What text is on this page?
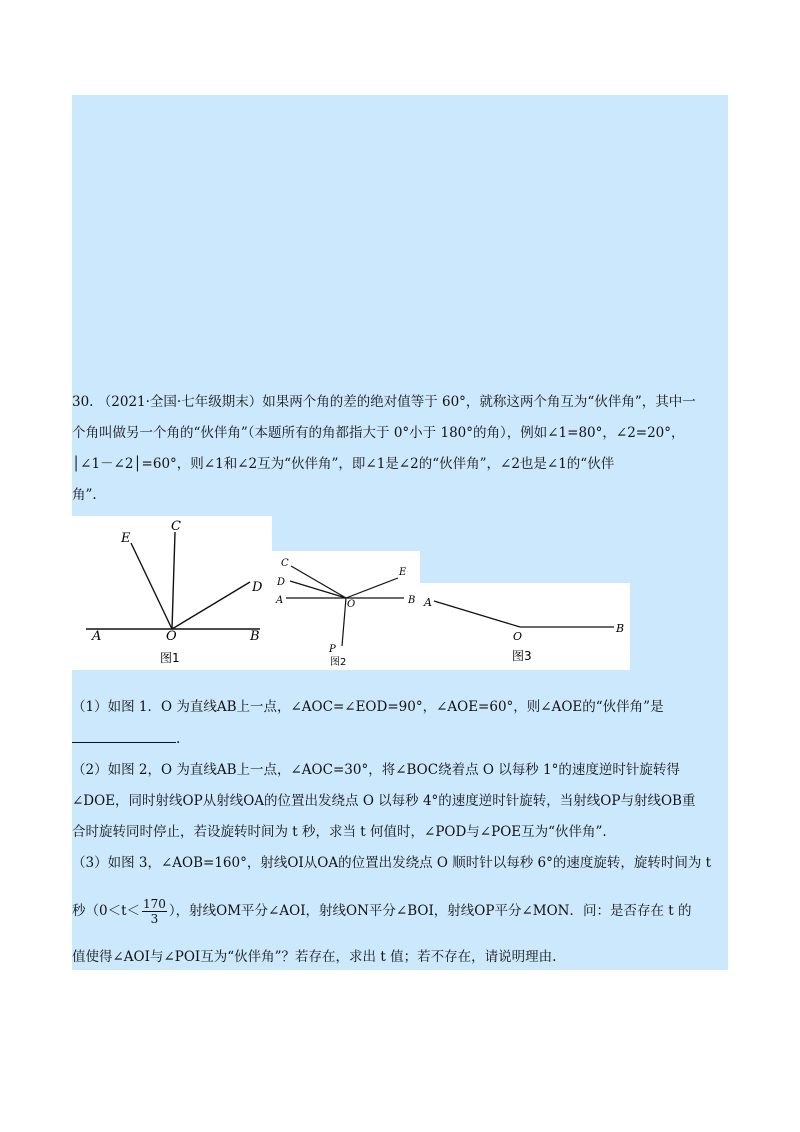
30. （2021·全国·七年级期末）如果两个角的差的绝对值等于 60°，就称这两个角互为“伙伴角”，其中一
个角叫做另一个角的“伙伴角”（本题所有的角都指大于 0°小于 180°的角），例如∠1=80°，∠2=20°，
│∠1－∠2│=60°，则∠1和∠2互为“伙伴角”，即∠1是∠2的“伙伴角”，∠2也是∠1的“伙伴
角”.
E
C
D
A	O	B
图1
C
D
E
A	O	B
P
图2
A
O
B
图3
（1）如图 1．O 为直线AB上一点，∠AOC=∠EOD=90°，∠AOE=60°，则∠AOE的“伙伴角”是
.
（2）如图 2，O 为直线AB上一点，∠AOC=30°，将∠BOC绕着点 O 以每秒 1°的速度逆时针旋转得
∠DOE，同时射线OP从射线OA的位置出发绕点 O 以每秒 4°的速度逆时针旋转，当射线OP与射线OB重
合时旋转同时停止，若设旋转时间为 t 秒，求当 t 何值时，∠POD与∠POE互为“伙伴角”.
（3）如图 3，∠AOB=160°，射线OI从OA的位置出发绕点 O 顺时针以每秒 6°的速度旋转，旋转时间为 t
秒（$0<t< \frac{170}{3}$ ），射线OM平分∠AOI，射线ON平分∠BOI，射线OP平分∠MON．问：是否存在 t 的
值使得∠AOI与∠POI互为“伙伴角”？若存在，求出 t 值；若不存在，请说明理由.
